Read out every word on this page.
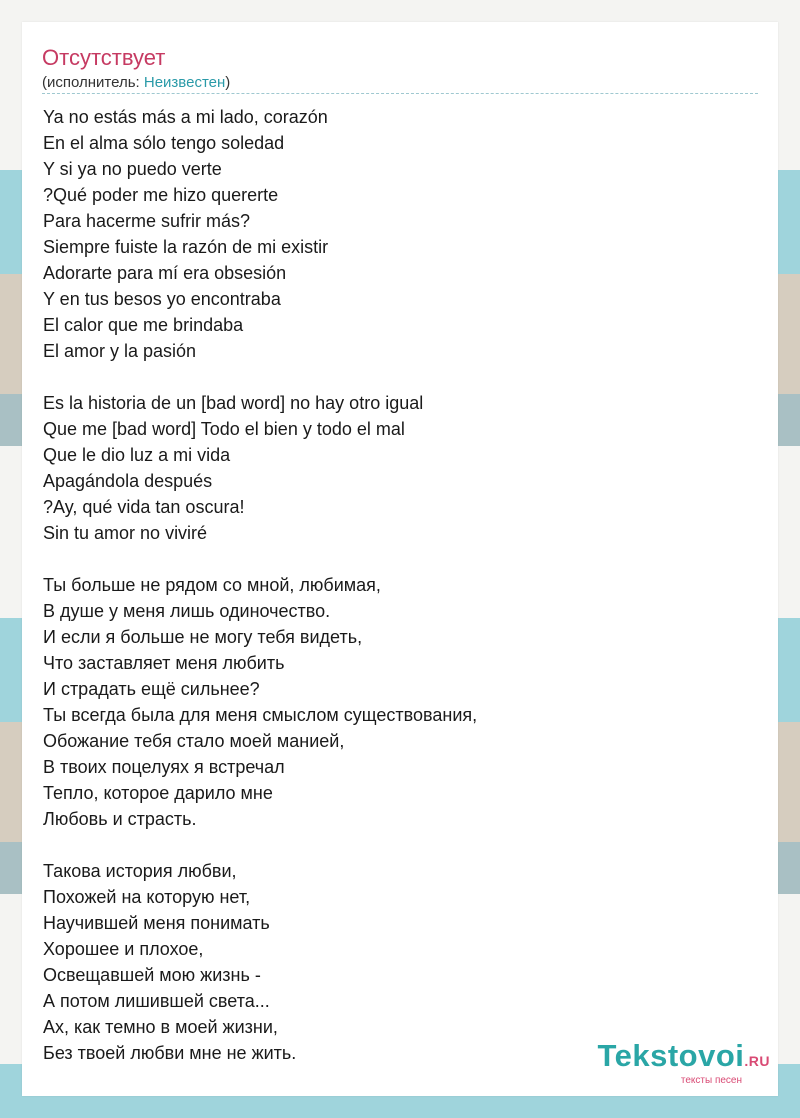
Отсутствует
(исполнитель: Неизвестен)
Ya no estás más a mi lado, corazón
En el alma sólo tengo soledad
Y si ya no puedo verte
?Qué poder me hizo quererte
Para hacerme sufrir más?
Siempre fuiste la razón de mi existir
Adorarte para mí era obsesión
Y en tus besos yo encontraba
El calor que me brindaba
El amor y la pasión
Es la historia de un [bad word] no hay otro igual
Que me [bad word] Todo el bien y todo el mal
Que le dio luz a mi vida
Apagándola después
?Ay, qué vida tan oscura!
Sin tu amor no viviré
Ты больше не рядом со мной, любимая,
В душе у меня лишь одиночество.
И если я больше не могу тебя видеть,
Что заставляет меня любить
И страдать ещё сильнее?
Ты всегда была для меня смыслом существования,
Обожание тебя стало моей манией,
В твоих поцелуях я встречал
Тепло, которое дарило мне
Любовь и страсть.
Такова история любви,
Похожей на которую нет,
Научившей меня понимать
Хорошее и плохое,
Освещавшей мою жизнь -
А потом лишившей света...
Ах, как темно в моей жизни,
Без твоей любви мне не жить.	Tekstovoi.RU
тексты песен
